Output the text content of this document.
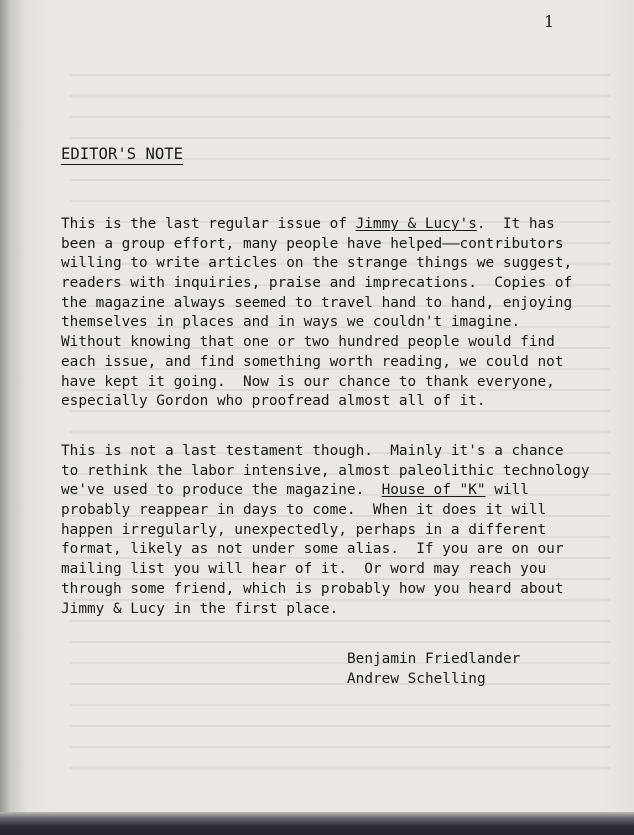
1
EDITOR'S NOTE
This is the last regular issue of Jimmy & Lucy's.  It has
been a group effort, many people have helped——contributors
willing to write articles on the strange things we suggest,
readers with inquiries, praise and imprecations.  Copies of
the magazine always seemed to travel hand to hand, enjoying
themselves in places and in ways we couldn't imagine.
Without knowing that one or two hundred people would find
each issue, and find something worth reading, we could not
have kept it going.  Now is our chance to thank everyone,
especially Gordon who proofread almost all of it.
This is not a last testament though.  Mainly it's a chance
to rethink the labor intensive, almost paleolithic technology
we've used to produce the magazine.  House of "K" will
probably reappear in days to come.  When it does it will
happen irregularly, unexpectedly, perhaps in a different
format, likely as not under some alias.  If you are on our
mailing list you will hear of it.  Or word may reach you
through some friend, which is probably how you heard about
Jimmy & Lucy in the first place.
Benjamin Friedlander
Andrew Schelling
